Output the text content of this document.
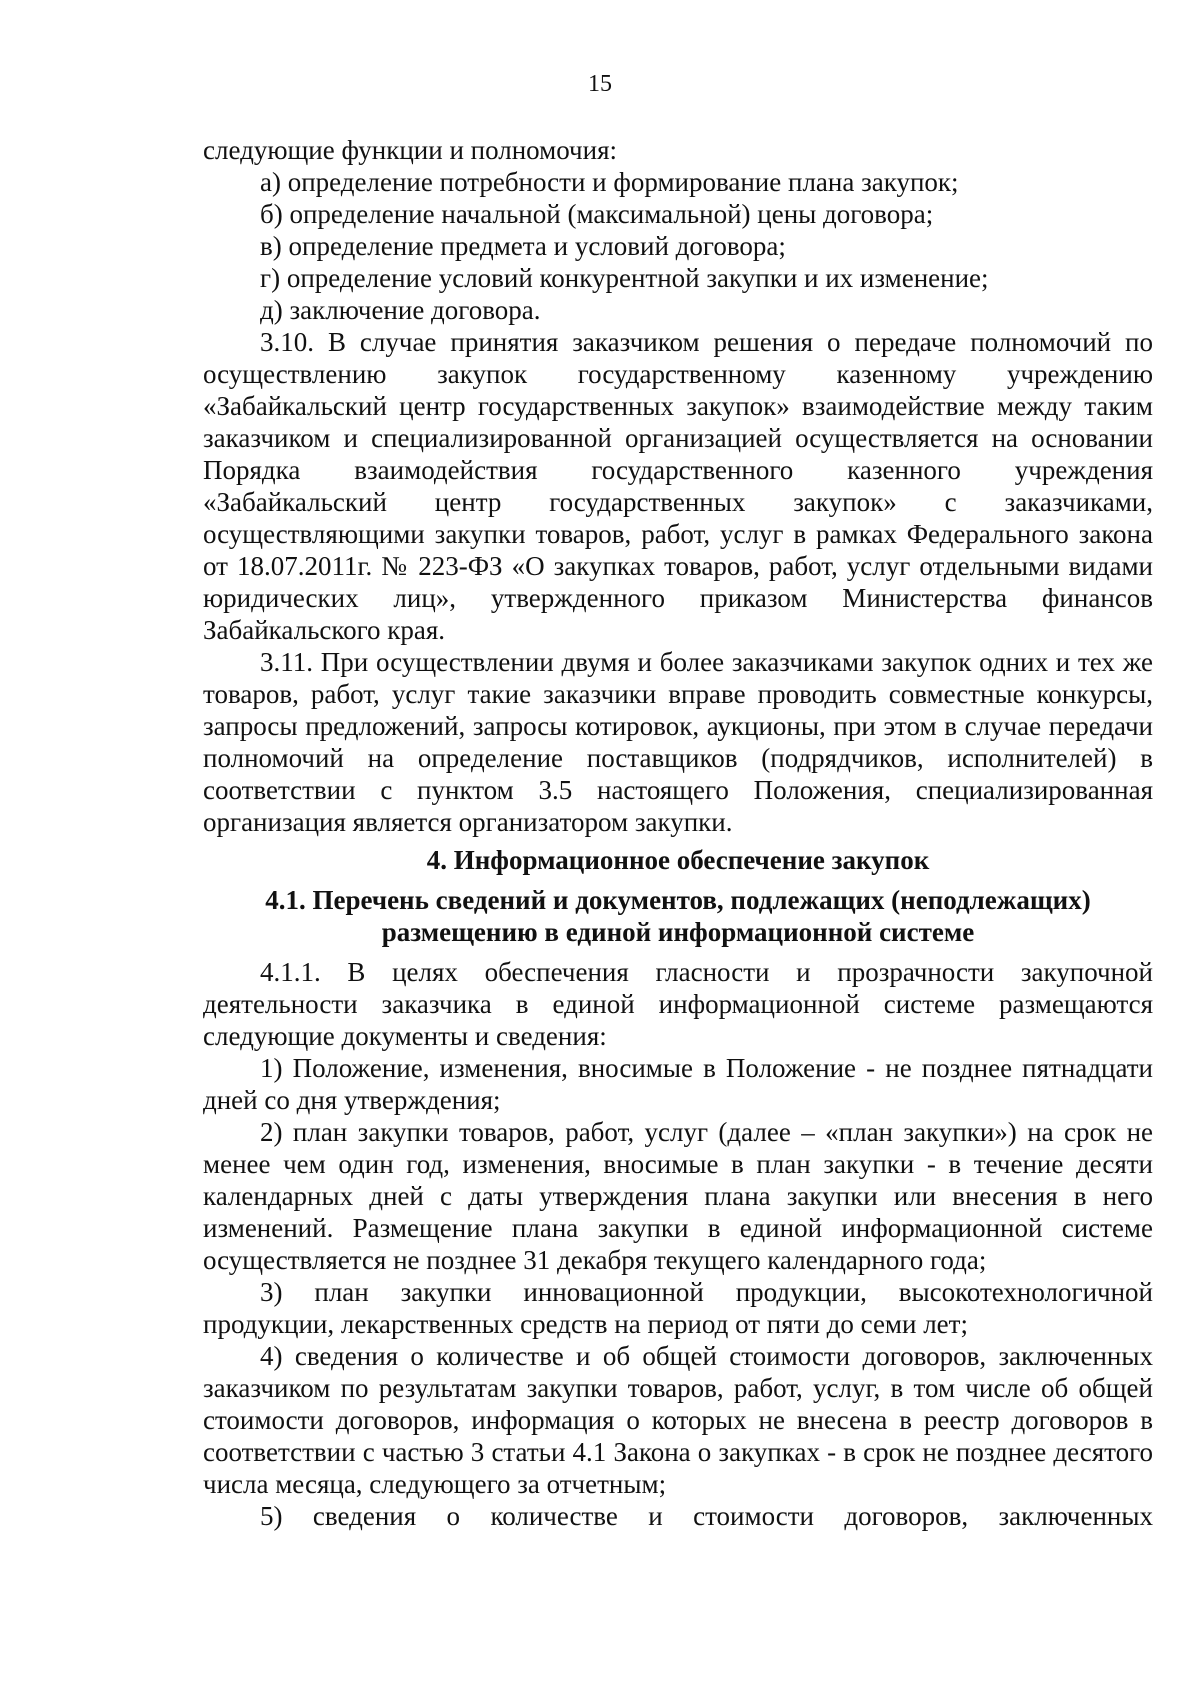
15

следующие функции и полномочия:

а) определение потребности и формирование плана закупок;

б) определение начальной (максимальной) цены договора;

в) определение предмета и условий договора;

г) определение условий конкурентной закупки и их изменение;

д) заключение договора.

3.10. В случае принятия заказчиком решения о передаче полномочий по осуществлению закупок государственному казенному учреждению «Забайкальский центр государственных закупок» взаимодействие между таким заказчиком и специализированной организацией осуществляется на основании Порядка взаимодействия государственного казенного учреждения «Забайкальский центр государственных закупок» с заказчиками, осуществляющими закупки товаров, работ, услуг в рамках Федерального закона от 18.07.2011г. № 223-ФЗ «О закупках товаров, работ, услуг отдельными видами юридических лиц», утвержденного приказом Министерства финансов Забайкальского края.

3.11. При осуществлении двумя и более заказчиками закупок одних и тех же товаров, работ, услуг такие заказчики вправе проводить совместные конкурсы, запросы предложений, запросы котировок, аукционы, при этом в случае передачи полномочий на определение поставщиков (подрядчиков, исполнителей) в соответствии с пунктом 3.5 настоящего Положения, специализированная организация является организатором закупки.

4. Информационное обеспечение закупок

4.1. Перечень сведений и документов, подлежащих (неподлежащих)
размещению в единой информационной системе

4.1.1. В целях обеспечения гласности и прозрачности закупочной деятельности заказчика в единой информационной системе размещаются следующие документы и сведения:

1) Положение, изменения, вносимые в Положение - не позднее пятнадцати дней со дня утверждения;

2) план закупки товаров, работ, услуг (далее – «план закупки») на срок не менее чем один год, изменения, вносимые в план закупки - в течение десяти календарных дней с даты утверждения плана закупки или внесения в него изменений. Размещение плана закупки в единой информационной системе осуществляется не позднее 31 декабря текущего календарного года;

3) план закупки инновационной продукции, высокотехнологичной продукции, лекарственных средств на период от пяти до семи лет;

4) сведения о количестве и об общей стоимости договоров, заключенных заказчиком по результатам закупки товаров, работ, услуг, в том числе об общей стоимости договоров, информация о которых не внесена в реестр договоров в соответствии с частью 3 статьи 4.1 Закона о закупках - в срок не позднее десятого числа месяца, следующего за отчетным;

5) сведения о количестве и стоимости договоров, заключенных
